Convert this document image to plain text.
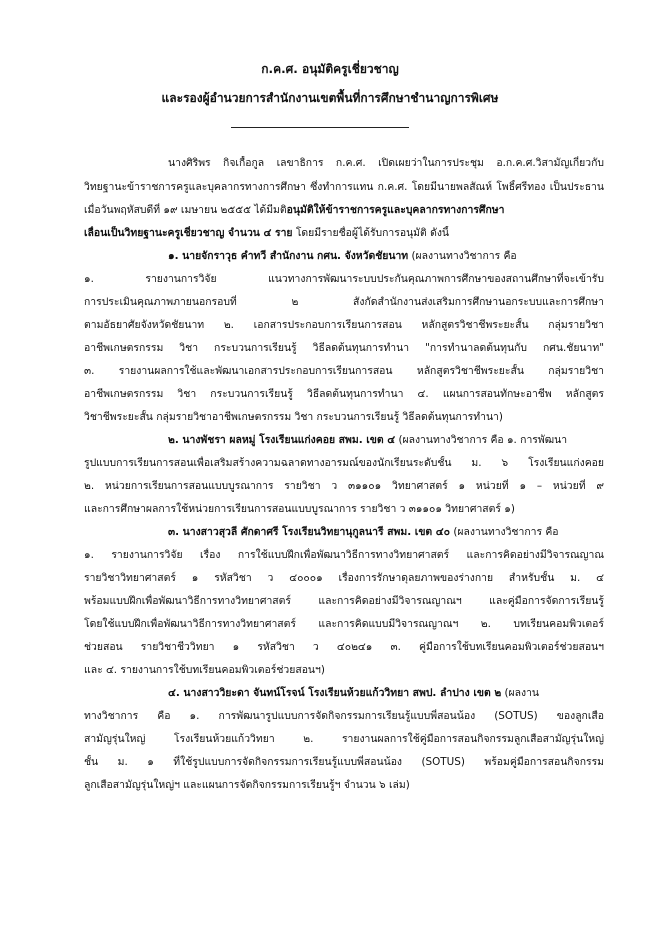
ก.ค.ศ. อนุมัติครูเชี่ยวชาญ
และรองผู้อำนวยการสำนักงานเขตพื้นที่การศึกษาชำนาญการพิเศษ
นางศิริพร กิจเกื้อกูล เลขาธิการ ก.ค.ศ. เปิดเผยว่าในการประชุม อ.ก.ค.ศ.วิสามัญเกี่ยวกับ
วิทยฐานะข้าราชการครูและบุคลากรทางการศึกษา ซึ่งทำการแทน ก.ค.ศ. โดยมีนายพลสัณห์ โพธิ์ศรีทอง เป็นประธาน
เมื่อวันพฤหัสบดีที่ ๑๙ เมษายน ๒๕๕๕ ได้มีมติอนุมัติให้ข้าราชการครูและบุคลากรทางการศึกษา
เลื่อนเป็นวิทยฐานะครูเชี่ยวชาญ จำนวน ๔ ราย โดยมีรายชื่อผู้ได้รับการอนุมัติ ดังนี้
๑. นายจักราวุธ คำทวี สำนักงาน กศน. จังหวัดชัยนาท (ผลงานทางวิชาการ คือ
๑. รายงานการวิจัย แนวทางการพัฒนาระบบประกันคุณภาพการศึกษาของสถานศึกษาที่จะเข้ารับ
การประเมินคุณภาพภายนอกรอบที่ ๒ สังกัดสำนักงานส่งเสริมการศึกษานอกระบบและการศึกษา
ตามอัธยาศัยจังหวัดชัยนาท ๒. เอกสารประกอบการเรียนการสอน หลักสูตรวิชาชีพระยะสั้น กลุ่มรายวิชา
อาชีพเกษตรกรรม วิชา กระบวนการเรียนรู้ วิธีลดต้นทุนการทำนา "การทำนาลดต้นทุนกับ กศน.ชัยนาท"
๓. รายงานผลการใช้และพัฒนาเอกสารประกอบการเรียนการสอน หลักสูตรวิชาชีพระยะสั้น กลุ่มรายวิชา
อาชีพเกษตรกรรม วิชา กระบวนการเรียนรู้ วิธีลดต้นทุนการทำนา ๔. แผนการสอนทักษะอาชีพ หลักสูตร
วิชาชีพระยะสั้น กลุ่มรายวิชาอาชีพเกษตรกรรม วิชา กระบวนการเรียนรู้ วิธีลดต้นทุนการทำนา)
๒. นางพัชรา ผลหมู่ โรงเรียนแก่งคอย สพม. เขต ๔ (ผลงานทางวิชาการ คือ ๑. การพัฒนา
รูปแบบการเรียนการสอนเพื่อเสริมสร้างความฉลาดทางอารมณ์ของนักเรียนระดับชั้น ม. ๖ โรงเรียนแก่งคอย
๒. หน่วยการเรียนการสอนแบบบูรณาการ รายวิชา ว ๓๑๑๐๑ วิทยาศาสตร์ ๑ หน่วยที่ ๑ – หน่วยที่ ๙
และการศึกษาผลการใช้หน่วยการเรียนการสอนแบบบูรณาการ รายวิชา ว ๓๑๑๐๑ วิทยาศาสตร์ ๑)
๓. นางสาวสุวลี ศักดาศรี โรงเรียนวิทยานุกูลนารี สพม. เขต ๔๐ (ผลงานทางวิชาการ คือ
๑. รายงานการวิจัย เรื่อง การใช้แบบฝึกเพื่อพัฒนาวิธีการทางวิทยาศาสตร์ และการคิดอย่างมีวิจารณญาณ
รายวิชาวิทยาศาสตร์ ๑ รหัสวิชา ว ๔๐๐๐๑ เรื่องการรักษาดุลยภาพของร่างกาย สำหรับชั้น ม. ๔
พร้อมแบบฝึกเพื่อพัฒนาวิธีการทางวิทยาศาสตร์ และการคิดอย่างมีวิจารณญาณฯ และคู่มือการจัดการเรียนรู้
โดยใช้แบบฝึกเพื่อพัฒนาวิธีการทางวิทยาศาสตร์ และการคิดแบบมีวิจารณญาณฯ ๒. บทเรียนคอมพิวเตอร์
ช่วยสอน รายวิชาชีววิทยา ๑ รหัสวิชา ว ๔๐๒๔๑ ๓. คู่มือการใช้บทเรียนคอมพิวเตอร์ช่วยสอนฯ
และ ๔. รายงานการใช้บทเรียนคอมพิวเตอร์ช่วยสอนฯ)
๔. นางสาววิยะดา จันทน์โรจน์ โรงเรียนห้วยแก้ววิทยา สพป. ลำปาง เขต ๒ (ผลงาน
ทางวิชาการ คือ ๑. การพัฒนารูปแบบการจัดกิจกรรมการเรียนรู้แบบพี่สอนน้อง (SOTUS) ของลูกเสือ
สามัญรุ่นใหญ่ โรงเรียนห้วยแก้ววิทยา ๒. รายงานผลการใช้คู่มือการสอนกิจกรรมลูกเสือสามัญรุ่นใหญ่
ชั้น ม. ๑ ที่ใช้รูปแบบการจัดกิจกรรมการเรียนรู้แบบพี่สอนน้อง (SOTUS) พร้อมคู่มือการสอนกิจกรรม
ลูกเสือสามัญรุ่นใหญ่ฯ และแผนการจัดกิจกรรมการเรียนรู้ฯ จำนวน ๖ เล่ม)
